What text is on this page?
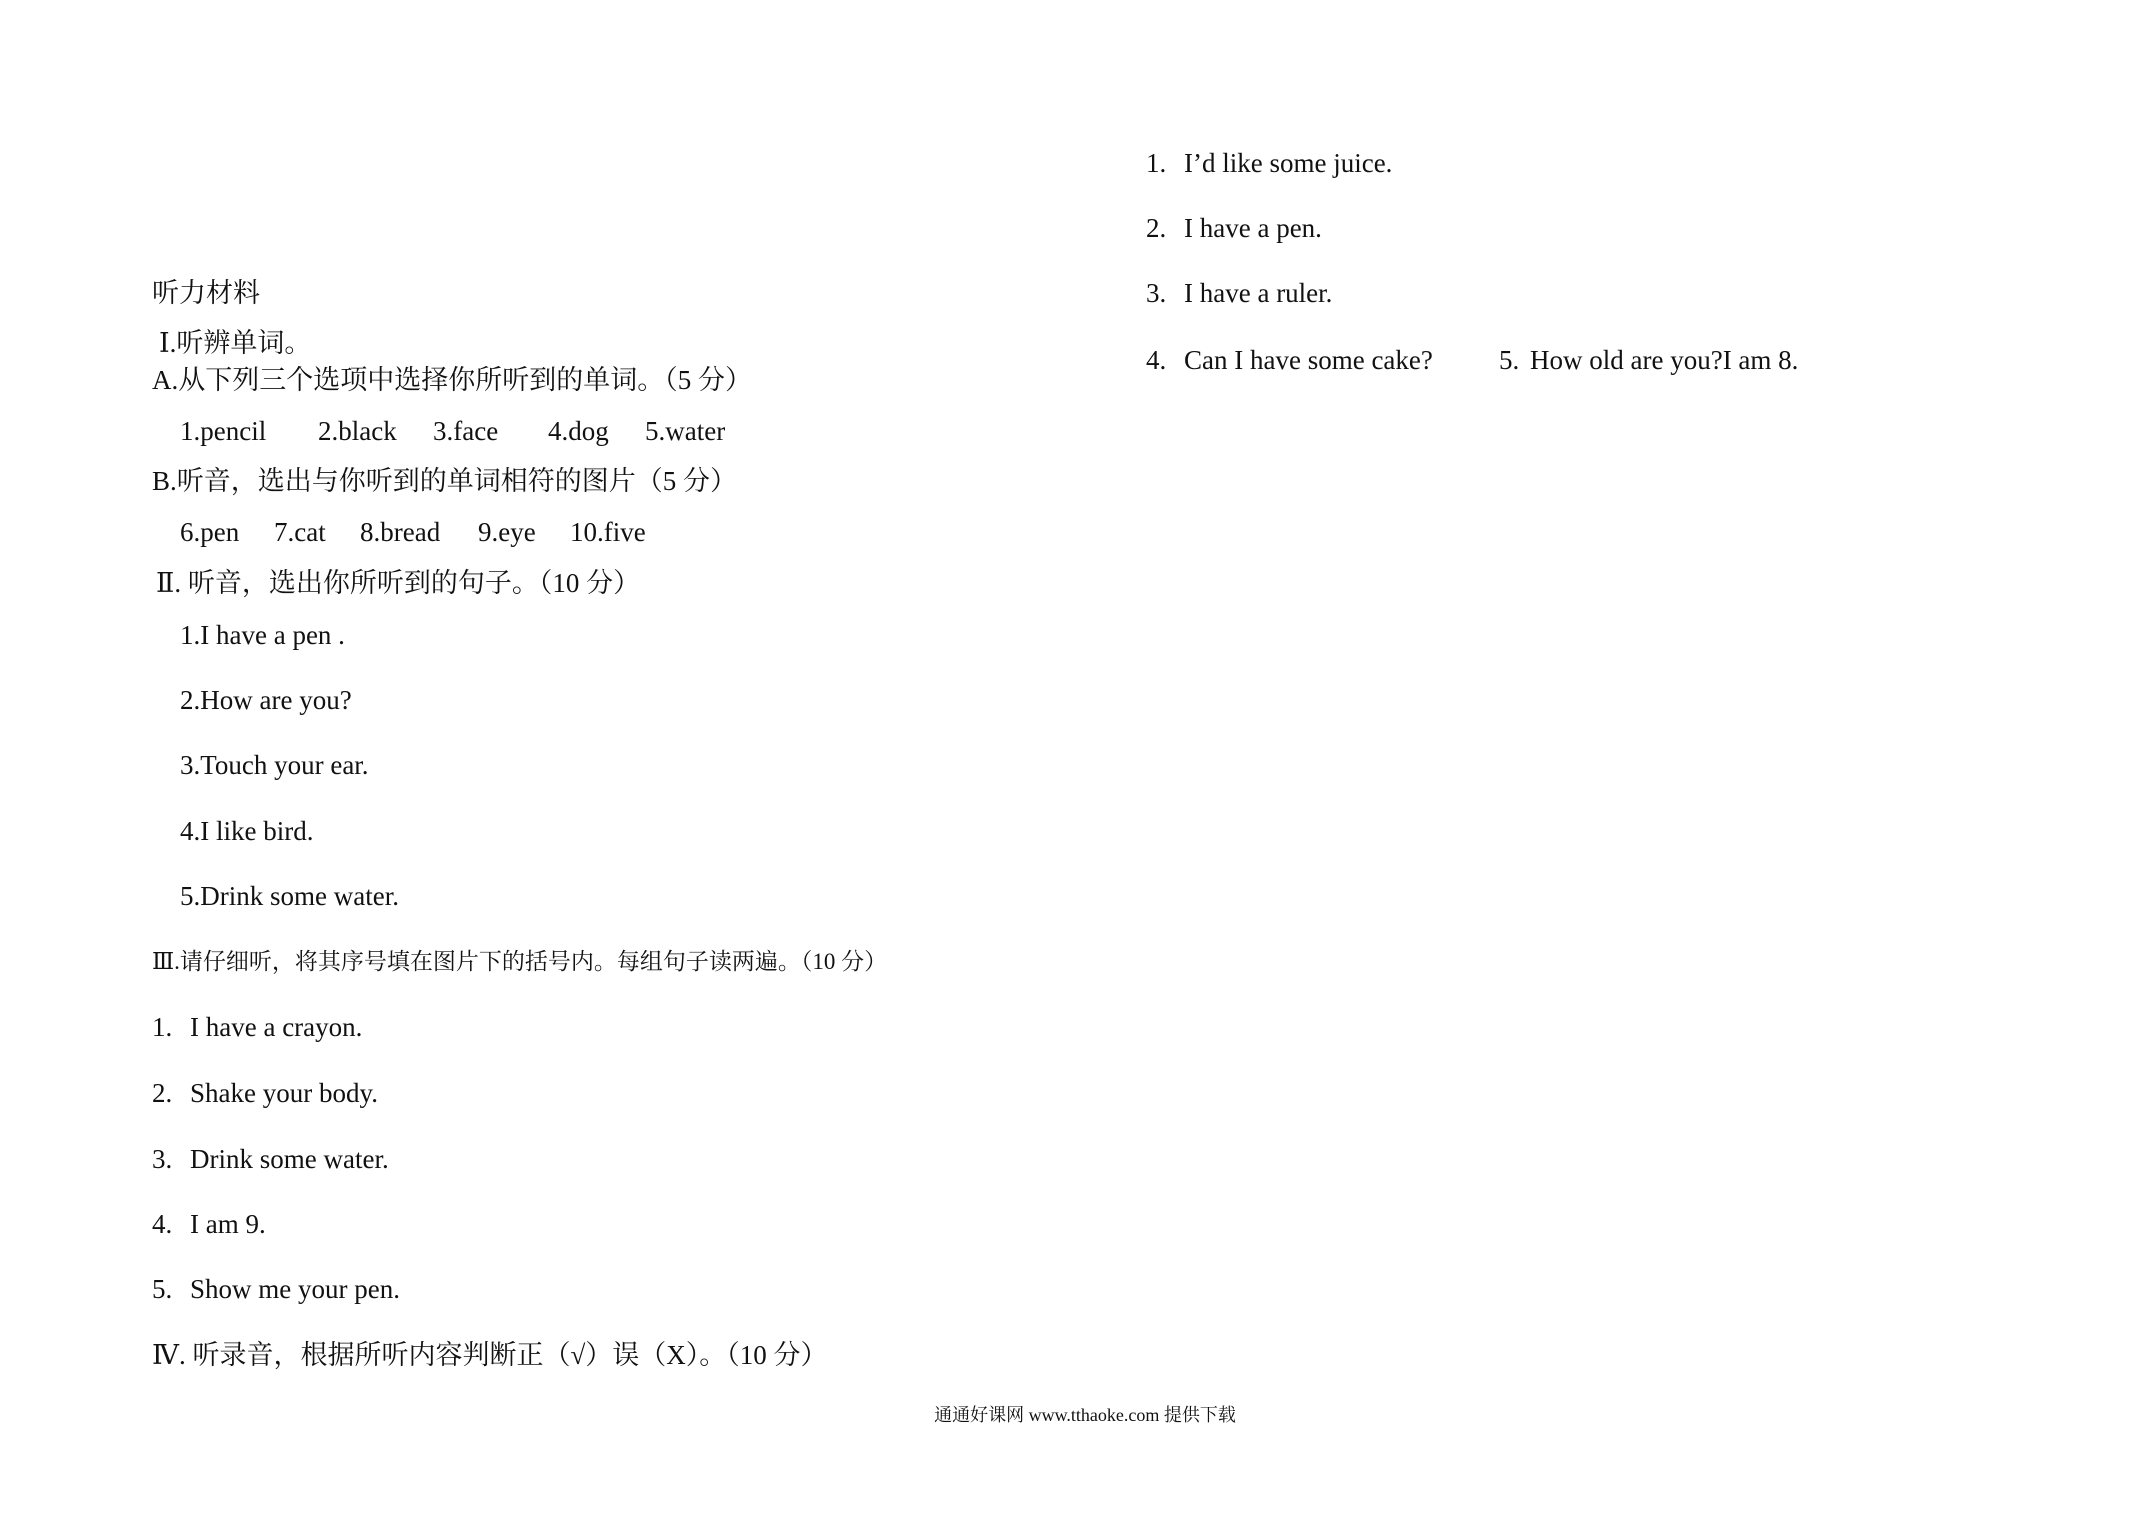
听力材料
Ⅰ.听辨单词。
A.从下列三个选项中选择你所听到的单词。（5 分）
1.pencil 2.black 3.face 4.dog 5.water
B.听音，选出与你听到的单词相符的图片（5 分）
6.pen 7.cat 8.bread 9.eye 10.five
Ⅱ. 听音，选出你所听到的句子。（10 分）
1.I have a pen .
2.How are you?
3.Touch your ear.
4.I like bird.
5.Drink some water.
Ⅲ.请仔细听，将其序号填在图片下的括号内。每组句子读两遍。（10 分）
1. I have a crayon.
2. Shake your body.
3. Drink some water.
4. I am 9.
5. Show me your pen.
Ⅳ. 听录音，根据所听内容判断正（√）误（X）。（10 分）
1. I’d like some juice.
2. I have a pen.
3. I have a ruler.
4. Can I have some cake? 5. How old are you?I am 8.
通通好课网 www.tthaoke.com 提供下载
